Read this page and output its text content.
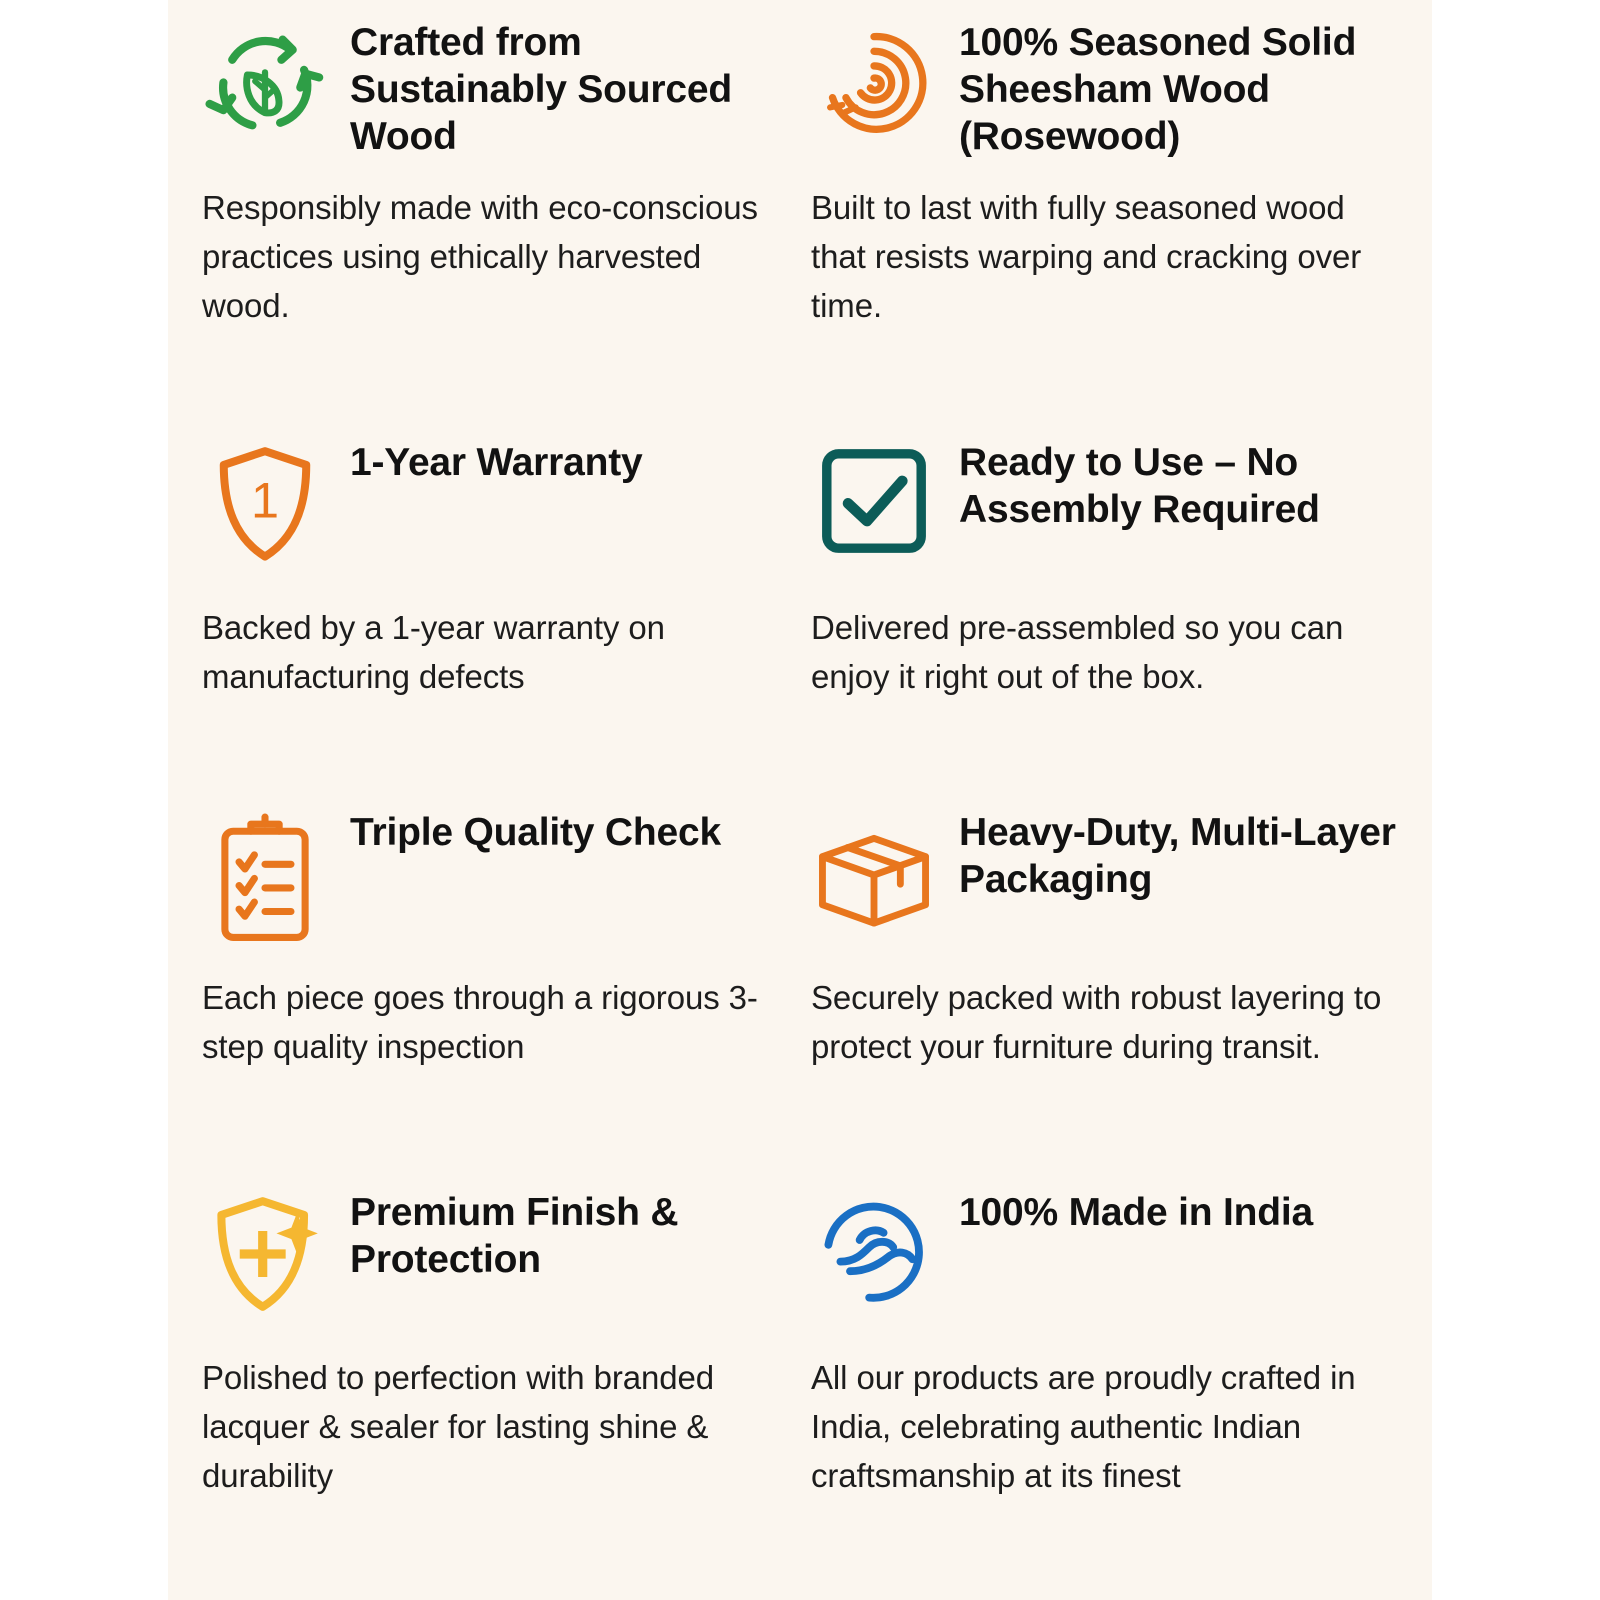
Crafted from Sustainably Sourced Wood
Responsibly made with eco-conscious practices using ethically harvested wood.
100% Seasoned Solid Sheesham Wood (Rosewood)
Built to last with fully seasoned wood that resists warping and cracking over time.
1
1-Year Warranty
Backed by a 1-year warranty on manufacturing defects
Ready to Use – No Assembly Required
Delivered pre-assembled so you can enjoy it right out of the box.
Triple Quality Check
Each piece goes through a rigorous 3-step quality inspection
Heavy-Duty, Multi-Layer Packaging
Securely packed with robust layering to protect your furniture during transit.
Premium Finish & Protection
Polished to perfection with branded lacquer & sealer for lasting shine & durability
100% Made in India
All our products are proudly crafted in India, celebrating authentic Indian craftsmanship at its finest
